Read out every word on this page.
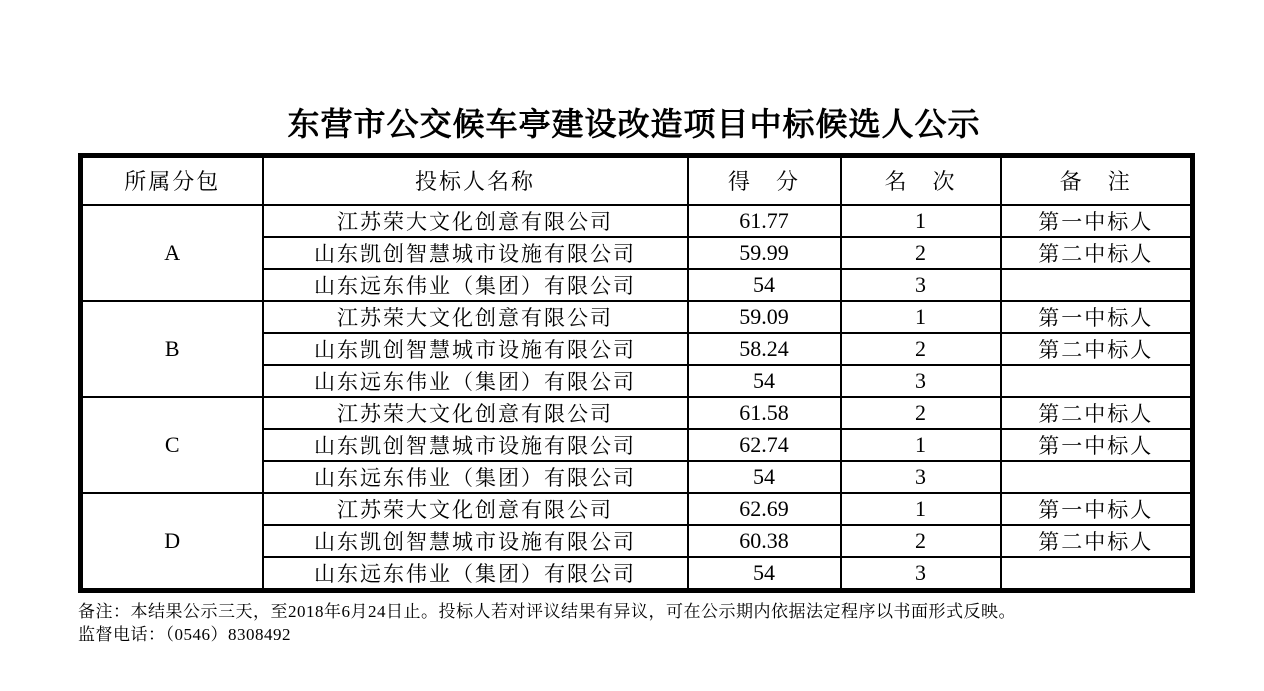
东营市公交候车亭建设改造项目中标候选人公示
所属分包	投标人名称	得　分	名　次	备　注
A	江苏荣大文化创意有限公司	61.77	1	第一中标人
	山东凯创智慧城市设施有限公司	59.99	2	第二中标人
	山东远东伟业（集团）有限公司	54	3	
B	江苏荣大文化创意有限公司	59.09	1	第一中标人
	山东凯创智慧城市设施有限公司	58.24	2	第二中标人
	山东远东伟业（集团）有限公司	54	3	
C	江苏荣大文化创意有限公司	61.58	2	第二中标人
	山东凯创智慧城市设施有限公司	62.74	1	第一中标人
	山东远东伟业（集团）有限公司	54	3	
D	江苏荣大文化创意有限公司	62.69	1	第一中标人
	山东凯创智慧城市设施有限公司	60.38	2	第二中标人
	山东远东伟业（集团）有限公司	54	3	
备注：本结果公示三天，至2018年6月24日止。投标人若对评议结果有异议，可在公示期内依据法定程序以书面形式反映。
监督电话：（0546）8308492
